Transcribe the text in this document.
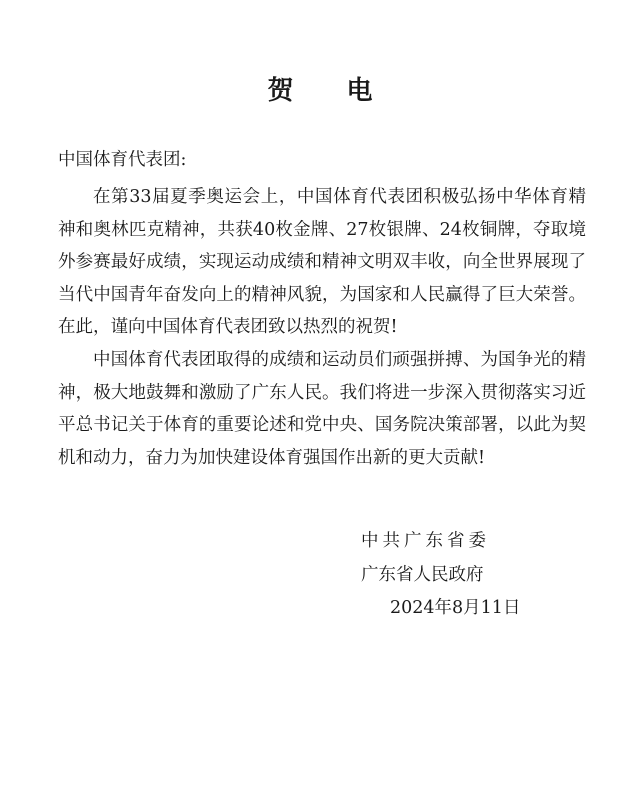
贺 电
中国体育代表团:

在第33届夏季奥运会上，中国体育代表团积极弘扬中华体育精神和奥林匹克精神，共获40枚金牌、27枚银牌、24枚铜牌，夺取境外参赛最好成绩，实现运动成绩和精神文明双丰收，向全世界展现了当代中国青年奋发向上的精神风貌，为国家和人民赢得了巨大荣誉。在此，谨向中国体育代表团致以热烈的祝贺!

中国体育代表团取得的成绩和运动员们顽强拼搏、为国争光的精神，极大地鼓舞和激励了广东人民。我们将进一步深入贯彻落实习近平总书记关于体育的重要论述和党中央、国务院决策部署，以此为契机和动力，奋力为加快建设体育强国作出新的更大贡献!

中共广东省委
广东省人民政府
2024年8月11日
